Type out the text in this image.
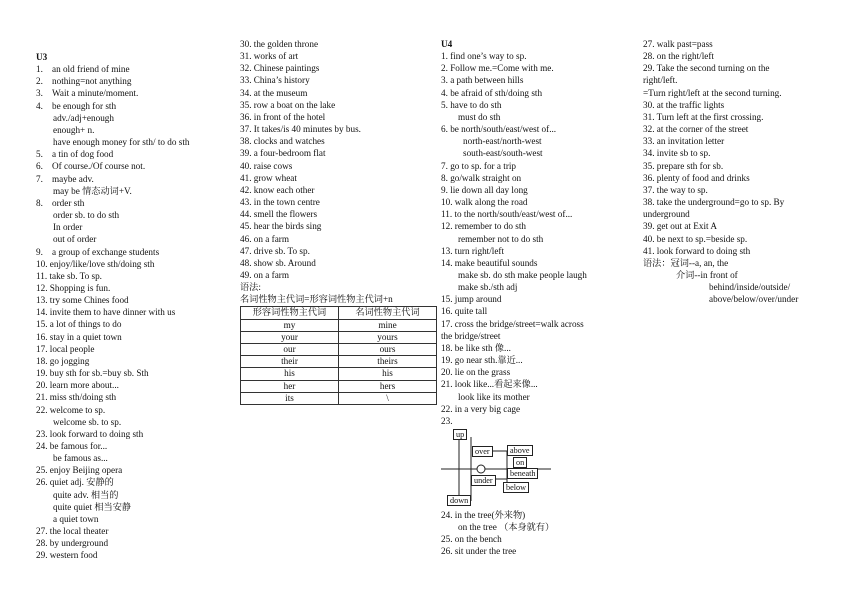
U3
1. an old friend of mine
2. nothing=not anything
3. Wait a minute/moment.
4. be enough for sth
adv./adj+enough
enough+ n.
have enough money for sth/ to do sth
5. a tin of dog food
6. Of course./Of course not.
7. maybe adv.
may be 情态动词+V.
8. order sth
order sb. to do sth
In order
out of order
9. a group of exchange students
10. enjoy/like/love sth/doing sth
11. take sb. To sp.
12. Shopping is fun.
13. try some Chines food
14. invite them to have dinner with us
15. a lot of things to do
16. stay in a quiet town
17. local people
18. go jogging
19. buy sth for sb.=buy sb. Sth
20. learn more about...
21. miss sth/doing sth
22. welcome to sp.
welcome sb. to sp.
23. look forward to doing sth
24. be famous for...
be famous as...
25. enjoy Beijing opera
26. quiet adj. 安静的
quite adv. 相当的
quite quiet 相当安静
a quiet town
27. the local theater
28. by underground
29. western food
30. the golden throne
31. works of art
32. Chinese paintings
33. China’s history
34. at the museum
35. row a boat on the lake
36. in front of the hotel
37. It takes/is 40 minutes by bus.
38. clocks and watches
39. a four-bedroom flat
40. raise cows
41. grow wheat
42. know each other
43. in the town centre
44. smell the flowers
45. hear the birds sing
46. on a farm
47. drive sb. To sp.
48. show sb. Around
49. on a farm
语法:
名词性物主代词=形容词性物主代词+n
形容词性物主代词	名词性物主代词
my	mine
your	yours
our	ours
their	theirs
his	his
her	hers
its	\
U4
1. find one’s way to sp.
2. Follow me.=Come with me.
3. a path between hills
4. be afraid of sth/doing sth
5. have to do sth
must do sth
6. be north/south/east/west of...
north-east/north-west
south-east/south-west
7. go to sp. for a trip
8. go/walk straight on
9. lie down all day long
10. walk along the road
11. to the north/south/east/west of...
12. remember to do sth
remember not to do sth
13. turn right/left
14. make beautiful sounds
make sb. do sth make people laugh
make sb./sth adj
15. jump around
16. quite tall
17. cross the bridge/street=walk across
the bridge/street
18. be like sth 像...
19. go near sth.靠近...
20. lie on the grass
21. look like...看起来像...
look like its mother
22. in a very big cage
23.
up
over	above
on
beneath
under
below
down
24. in the tree(外来物)
on the tree （本身就有）
25. on the bench
26. sit under the tree
27. walk past=pass
28. on the right/left
29. Take the second turning on the
right/left.
=Turn right/left at the second turning.
30. at the traffic lights
31. Turn left at the first crossing.
32. at the corner of the street
33. an invitation letter
34. invite sb to sp.
35. prepare sth for sb.
36. plenty of food and drinks
37. the way to sp.
38. take the underground=go to sp. By
underground
39. get out at Exit A
40. be next to sp.=beside sp.
41. look forward to doing sth
语法：冠词--a, an, the
介词--in front of
behind/inside/outside/
above/below/over/under
